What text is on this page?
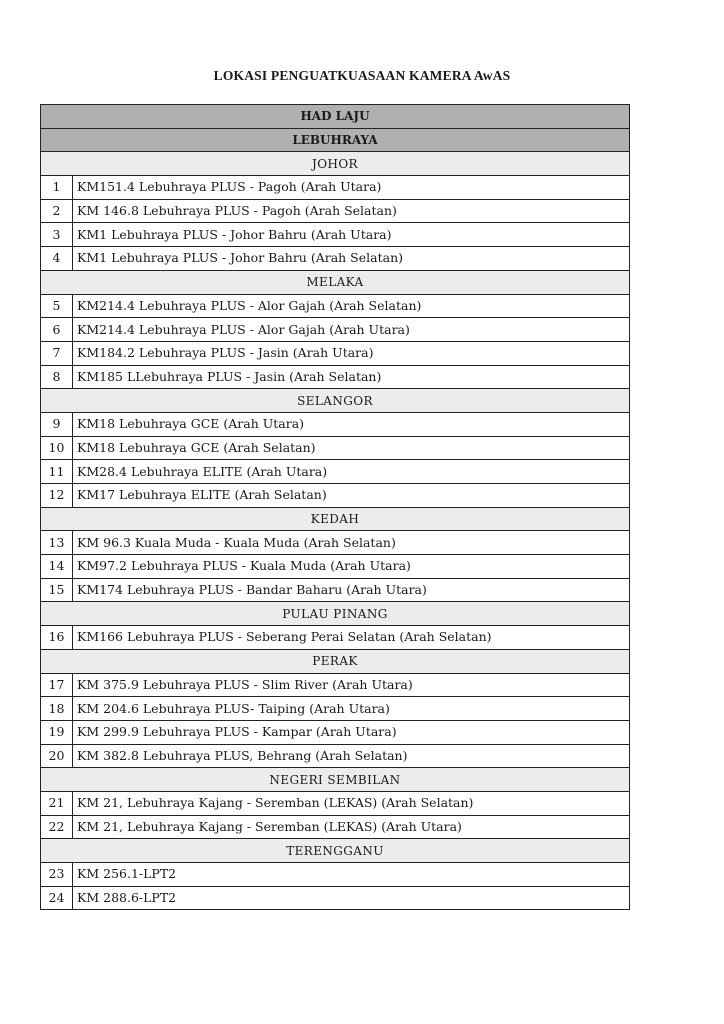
LOKASI PENGUATKUASAAN KAMERA AwAS
HAD LAJU	
LEBUHRAYA	
JOHOR	
1	KM151.4 Lebuhraya PLUS - Pagoh (Arah Utara)
2	KM 146.8 Lebuhraya PLUS - Pagoh (Arah Selatan)
3	KM1 Lebuhraya PLUS - Johor Bahru (Arah Utara)
4	KM1 Lebuhraya PLUS - Johor Bahru (Arah Selatan)
MELAKA	
5	KM214.4 Lebuhraya PLUS - Alor Gajah (Arah Selatan)
6	KM214.4 Lebuhraya PLUS - Alor Gajah (Arah Utara)
7	KM184.2 Lebuhraya PLUS - Jasin (Arah Utara)
8	KM185 LLebuhraya PLUS - Jasin (Arah Selatan)
SELANGOR	
9	KM18 Lebuhraya GCE (Arah Utara)
10	KM18 Lebuhraya GCE (Arah Selatan)
11	KM28.4 Lebuhraya ELITE (Arah Utara)
12	KM17 Lebuhraya ELITE (Arah Selatan)
KEDAH	
13	KM 96.3 Kuala Muda - Kuala Muda (Arah Selatan)
14	KM97.2 Lebuhraya PLUS - Kuala Muda (Arah Utara)
15	KM174 Lebuhraya PLUS - Bandar Baharu (Arah Utara)
PULAU PINANG	
16	KM166 Lebuhraya PLUS - Seberang Perai Selatan (Arah Selatan)
PERAK	
17	KM 375.9 Lebuhraya PLUS - Slim River (Arah Utara)
18	KM 204.6 Lebuhraya PLUS- Taiping (Arah Utara)
19	KM 299.9 Lebuhraya PLUS - Kampar (Arah Utara)
20	KM 382.8 Lebuhraya PLUS, Behrang (Arah Selatan)
NEGERI SEMBILAN	
21	KM 21, Lebuhraya Kajang - Seremban (LEKAS) (Arah Selatan)
22	KM 21, Lebuhraya Kajang - Seremban (LEKAS) (Arah Utara)
TERENGGANU	
23	KM 256.1-LPT2
24	KM 288.6-LPT2
